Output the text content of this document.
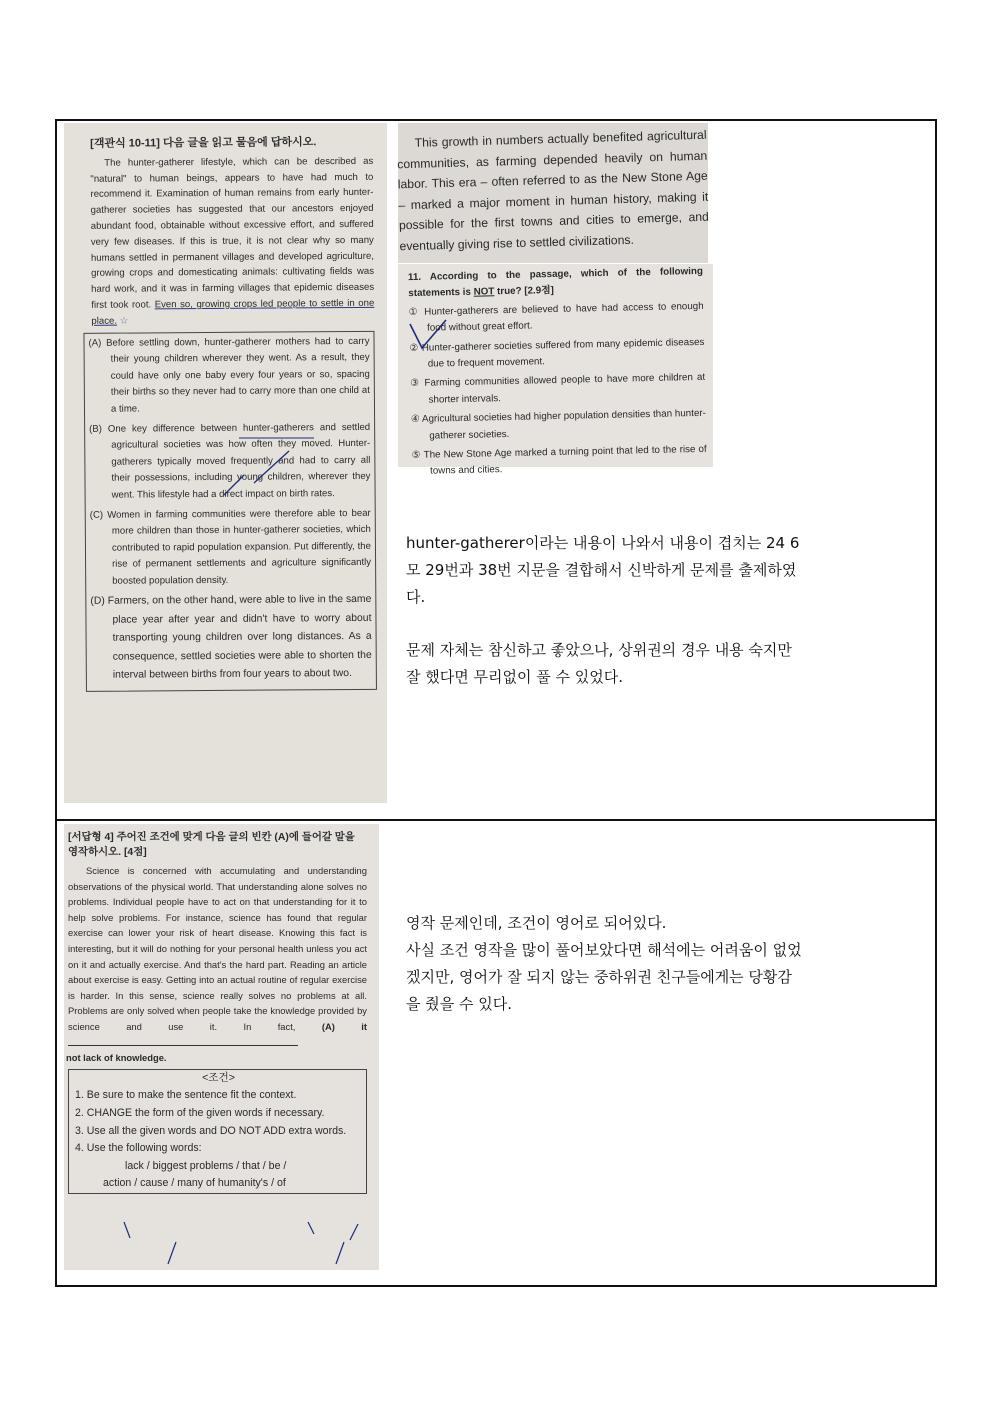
[객관식 10-11] 다음 글을 읽고 물음에 답하시오.

The hunter-gatherer lifestyle, which can be described as "natural" to human beings, appears to have had much to recommend it. Examination of human remains from early hunter-gatherer societies has suggested that our ancestors enjoyed abundant food, obtainable without excessive effort, and suffered very few diseases. If this is true, it is not clear why so many humans settled in permanent villages and developed agriculture, growing crops and domesticating animals: cultivating fields was hard work, and it was in farming villages that epidemic diseases first took root. Even so, growing crops led people to settle in one place. ☆

(A) Before settling down, hunter-gatherer mothers had to carry their young children wherever they went. As a result, they could have only one baby every four years or so, spacing their births so they never had to carry more than one child at a time.

(B) One key difference between hunter-gatherers and settled agricultural societies was how often they moved. Hunter-gatherers typically moved frequently and had to carry all their possessions, including young children, wherever they went. This lifestyle had a direct impact on birth rates.

(C) Women in farming communities were therefore able to bear more children than those in hunter-gatherer societies, which contributed to rapid population expansion. Put differently, the rise of permanent settlements and agriculture significantly boosted population density.

(D) Farmers, on the other hand, were able to live in the same place year after year and didn't have to worry about transporting young children over long distances. As a consequence, settled societies were able to shorten the interval between births from four years to about two.

This growth in numbers actually benefited agricultural communities, as farming depended heavily on human labor. This era – often referred to as the New Stone Age – marked a major moment in human history, making it possible for the first towns and cities to emerge, and eventually giving rise to settled civilizations.

11. According to the passage, which of the following statements is NOT true? [2.9점]

① Hunter-gatherers are believed to have had access to enough food without great effort.

② Hunter-gatherer societies suffered from many epidemic diseases due to frequent movement.

③ Farming communities allowed people to have more children at shorter intervals.

④ Agricultural societies had higher population densities than hunter-gatherer societies.

⑤ The New Stone Age marked a turning point that led to the rise of towns and cities.

hunter-gatherer이라는 내용이 나와서 내용이 겹치는 24 6모 29번과 38번 지문을 결합해서 신박하게 문제를 출제하였다.

문제 자체는 참신하고 좋았으나, 상위권의 경우 내용 숙지만 잘 했다면 무리없이 풀 수 있었다.

[서답형 4] 주어진 조건에 맞게 다음 글의 빈칸 (A)에 들어갈 말을 영작하시오. [4점]

Science is concerned with accumulating and understanding observations of the physical world. That understanding alone solves no problems. Individual people have to act on that understanding for it to help solve problems. For instance, science has found that regular exercise can lower your risk of heart disease. Knowing this fact is interesting, but it will do nothing for your personal health unless you act on it and actually exercise. And that's the hard part. Reading an article about exercise is easy. Getting into an actual routine of regular exercise is harder. In this sense, science really solves no problems at all. Problems are only solved when people take the knowledge provided by science and use it. In fact,	(A) it

not lack of knowledge.

<조건>
1. Be sure to make the sentence fit the context.
2. CHANGE the form of the given words if necessary.
3. Use all the given words and DO NOT ADD extra words.
4. Use the following words:
lack / biggest problems / that / be /
action / cause / many of humanity's / of

영작 문제인데, 조건이 영어로 되어있다.

사실 조건 영작을 많이 풀어보았다면 해석에는 어려움이 없었겠지만, 영어가 잘 되지 않는 중하위권 친구들에게는 당황감을 줬을 수 있다.
